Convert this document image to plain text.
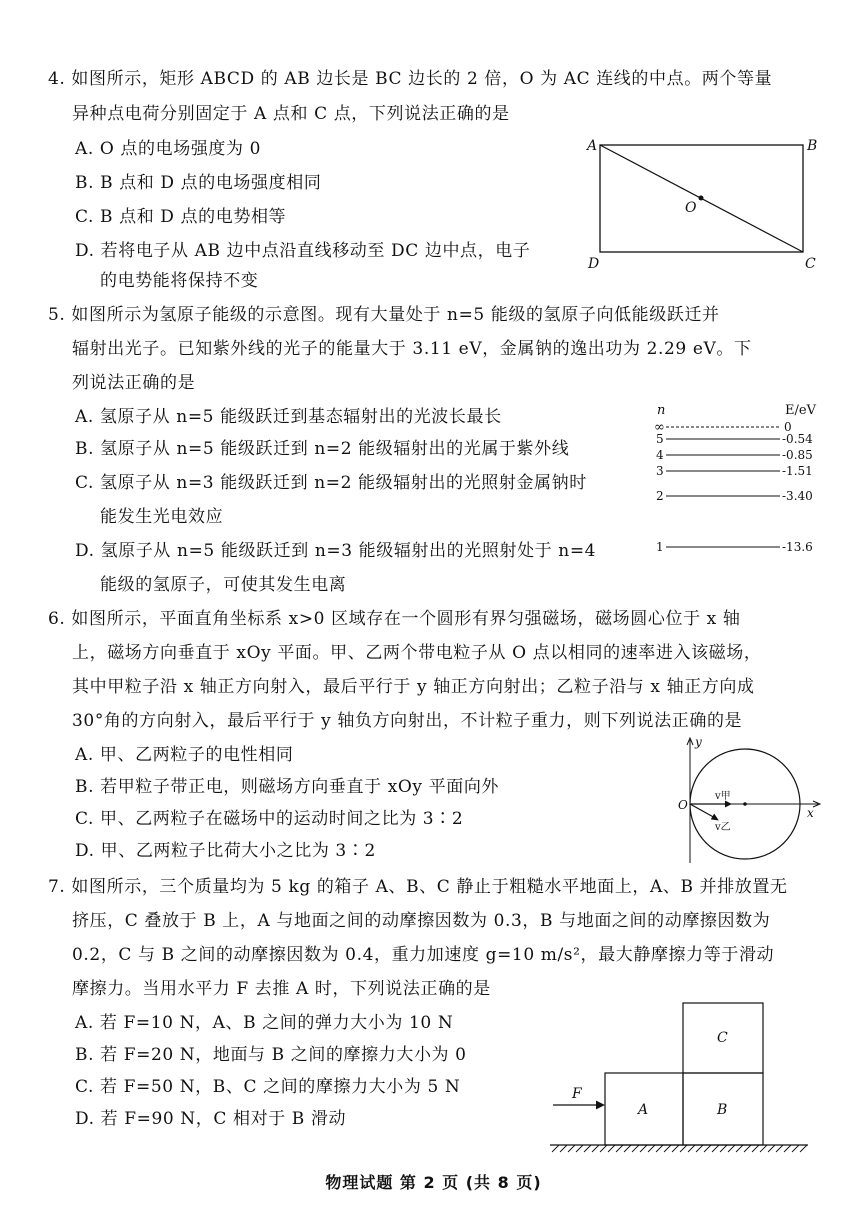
4. 如图所示，矩形 ABCD 的 AB 边长是 BC 边长的 2 倍，O 为 AC 连线的中点。两个等量
异种点电荷分别固定于 A 点和 C 点，下列说法正确的是
A. O 点的电场强度为 0
B. B 点和 D 点的电场强度相同
C. B 点和 D 点的电势相等
D. 若将电子从 AB 边中点沿直线移动至 DC 边中点，电子
的电势能将保持不变
A	B
C
D
O
5. 如图所示为氢原子能级的示意图。现有大量处于 n=5 能级的氢原子向低能级跃迁并
辐射出光子。已知紫外线的光子的能量大于 3.11 eV，金属钠的逸出功为 2.29 eV。下
列说法正确的是
A. 氢原子从 n=5 能级跃迁到基态辐射出的光波长最长
B. 氢原子从 n=5 能级跃迁到 n=2 能级辐射出的光属于紫外线
C. 氢原子从 n=3 能级跃迁到 n=2 能级辐射出的光照射金属钠时
能发生光电效应
D. 氢原子从 n=5 能级跃迁到 n=3 能级辐射出的光照射处于 n=4
能级的氢原子，可使其发生电离
n	E/eV
∞	0
5	-0.54
4	-0.85
3	-1.51
2	-3.40
1	-13.6
6. 如图所示，平面直角坐标系 x>0 区域存在一个圆形有界匀强磁场，磁场圆心位于 x 轴
上，磁场方向垂直于 xOy 平面。甲、乙两个带电粒子从 O 点以相同的速率进入该磁场，
其中甲粒子沿 x 轴正方向射入，最后平行于 y 轴正方向射出；乙粒子沿与 x 轴正方向成
30°角的方向射入，最后平行于 y 轴负方向射出，不计粒子重力，则下列说法正确的是
A. 甲、乙两粒子的电性相同
B. 若甲粒子带正电，则磁场方向垂直于 xOy 平面向外
C. 甲、乙两粒子在磁场中的运动时间之比为 3∶2
D. 甲、乙两粒子比荷大小之比为 3∶2
y
x
O
v甲
v乙
7. 如图所示，三个质量均为 5 kg 的箱子 A、B、C 静止于粗糙水平地面上，A、B 并排放置无
挤压，C 叠放于 B 上，A 与地面之间的动摩擦因数为 0.3，B 与地面之间的动摩擦因数为
0.2，C 与 B 之间的动摩擦因数为 0.4，重力加速度 g=10 m/s²，最大静摩擦力等于滑动
摩擦力。当用水平力 F 去推 A 时，下列说法正确的是
A. 若 F=10 N，A、B 之间的弹力大小为 10 N
B. 若 F=20 N，地面与 B 之间的摩擦力大小为 0
C. 若 F=50 N，B、C 之间的摩擦力大小为 5 N
D. 若 F=90 N，C 相对于 B 滑动
C
A	B
F
物理试题 第 2 页 (共 8 页)
